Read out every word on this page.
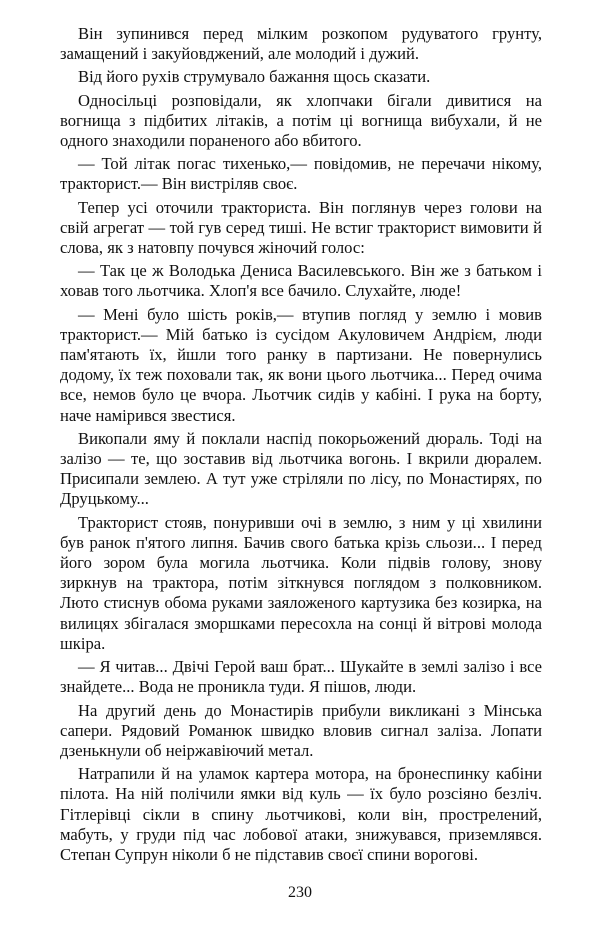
Він зупинився перед мілким розкопом рудуватого грунту, замащений і закуйовджений, але молодий і дужий.

Від його рухів струмувало бажання щось сказати.

Односільці розповідали, як хлопчаки бігали дивитися на вогнища з підбитих літаків, а потім ці вогнища вибухали, й не одного знаходили пораненого або вбитого.

— Той літак погас тихенько,— повідомив, не перечачи нікому, тракторист.— Він вистріляв своє.

Тепер усі оточили тракториста. Він поглянув через голови на свій агрегат — той гув серед тиші. Не встиг тракторист вимовити й слова, як з натовпу почувся жіночий голос:

— Так це ж Володька Дениса Василевського. Він же з батьком і ховав того льотчика. Хлоп'я все бачило. Слухайте, люде!

— Мені було шість років,— втупив погляд у землю і мовив тракторист.— Мій батько із сусідом Акуловичем Андрієм, люди пам'ятають їх, йшли того ранку в партизани. Не повернулись додому, їх теж поховали так, як вони цього льотчика... Перед очима все, немов було це вчора. Льотчик сидів у кабіні. І рука на борту, наче намірився звестися.

Викопали яму й поклали наспід покорьожений дюраль. Тоді на залізо — те, що зоставив від льотчика вогонь. І вкрили дюралем. Присипали землею. А тут уже стріляли по лісу, по Монастирях, по Друцькому...

Тракторист стояв, понуривши очі в землю, з ним у ці хвилини був ранок п'ятого липня. Бачив свого батька крізь сльози... І перед його зором була могила льотчика. Коли підвів голову, знову зиркнув на трактора, потім зіткнувся поглядом з полковником. Люто стиснув обома руками заяложеного картузика без козирка, на вилицях збігалася зморшками пересохла на сонці й вітрові молода шкіра.

— Я читав... Двічі Герой ваш брат... Шукайте в землі залізо і все знайдете... Вода не проникла туди. Я пішов, люди.

На другий день до Монастирів прибули викликані з Мінська сапери. Рядовий Романюк швидко вловив сигнал заліза. Лопати дзенькнули об неіржавіючий метал.

Натрапили й на уламок картера мотора, на бронеспинку кабіни пілота. На ній полічили ямки від куль — їх було розсіяно безліч. Гітлерівці сікли в спину льотчикові, коли він, прострелений, мабуть, у груди під час лобової атаки, знижувався, приземлявся. Степан Супрун ніколи б не підставив своєї спини ворогові.

230
